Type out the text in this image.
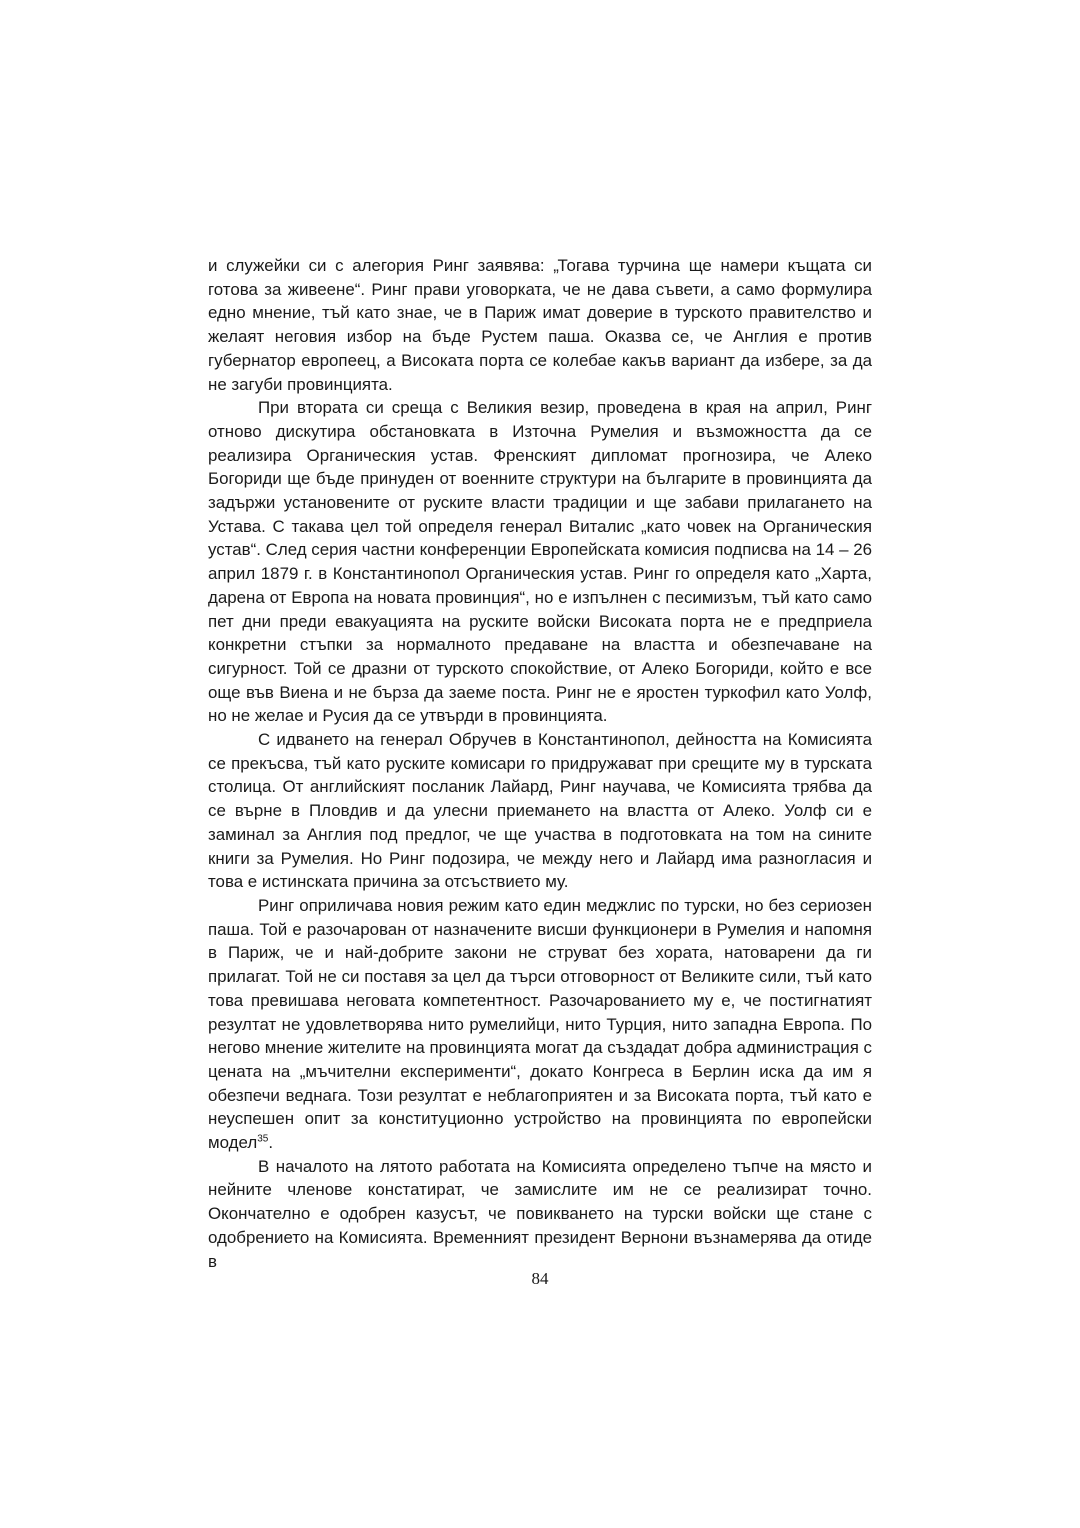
и служейки си с алегория Ринг заявява: „Тогава турчина ще намери къщата си готова за живеене“. Ринг прави уговорката, че не дава съвети, а само формулира едно мнение, тъй като знае, че в Париж имат доверие в турското правителство и желаят неговия избор на бъде Рустем паша. Оказва се, че Англия е против губернатор европеец, а Високата порта се колебае какъв вариант да избере, за да не загуби провинцията.

При втората си среща с Великия везир, проведена в края на април, Ринг отново дискутира обстановката в Източна Румелия и възможността да се реализира Органическия устав. Френският дипломат прогнозира, че Алеко Богориди ще бъде принуден от военните структури на българите в провинцията да задържи установените от руските власти традиции и ще забави прилагането на Устава. С такава цел той определя генерал Виталис „като човек на Органическия устав“. След серия частни конференции Европейската комисия подписва на 14 – 26 април 1879 г. в Константинопол Органическия устав. Ринг го определя като „Харта, дарена от Европа на новата провинция“, но е изпълнен с песимизъм, тъй като само пет дни преди евакуацията на руските войски Високата порта не е предприела конкретни стъпки за нормалното предаване на властта и обезпечаване на сигурност. Той се дразни от турското спокойствие, от Алеко Богориди, който е все още във Виена и не бърза да заеме поста. Ринг не е яростен туркофил като Уолф, но не желае и Русия да се утвърди в провинцията.

С идването на генерал Обручев в Константинопол, дейността на Комисията се прекъсва, тъй като руските комисари го придружават при срещите му в турската столица. От английският посланик Лайард, Ринг научава, че Комисията трябва да се върне в Пловдив и да улесни приемането на властта от Алеко. Уолф си е заминал за Англия под предлог, че ще участва в подготовката на том на сините книги за Румелия. Но Ринг подозира, че между него и Лайард има разногласия и това е истинската причина за отсъствието му.

Ринг оприличава новия режим като един меджлис по турски, но без сериозен паша. Той е разочарован от назначените висши функционери в Румелия и напомня в Париж, че и най-добрите закони не струват без хората, натоварени да ги прилагат. Той не си поставя за цел да търси отговорност от Великите сили, тъй като това превишава неговата компетентност. Разочарованието му е, че постигнатият резултат не удовлетворява нито румелийци, нито Турция, нито западна Европа. По негово мнение жителите на провинцията могат да създадат добра администрация с цената на „мъчителни експерименти“, докато Конгреса в Берлин иска да им я обезпечи веднага. Този резултат е неблагоприятен и за Високата порта, тъй като е неуспешен опит за конституционно устройство на провинцията по европейски модел$^{35}$.

В началото на лятото работата на Комисията определено тъпче на място и нейните членове констатират, че замислите им не се реализират точно. Окончателно е одобрен казусът, че повикването на турски войски ще стане с одобрението на Комисията. Временният президент Вернони възнамерява да отиде в

84
